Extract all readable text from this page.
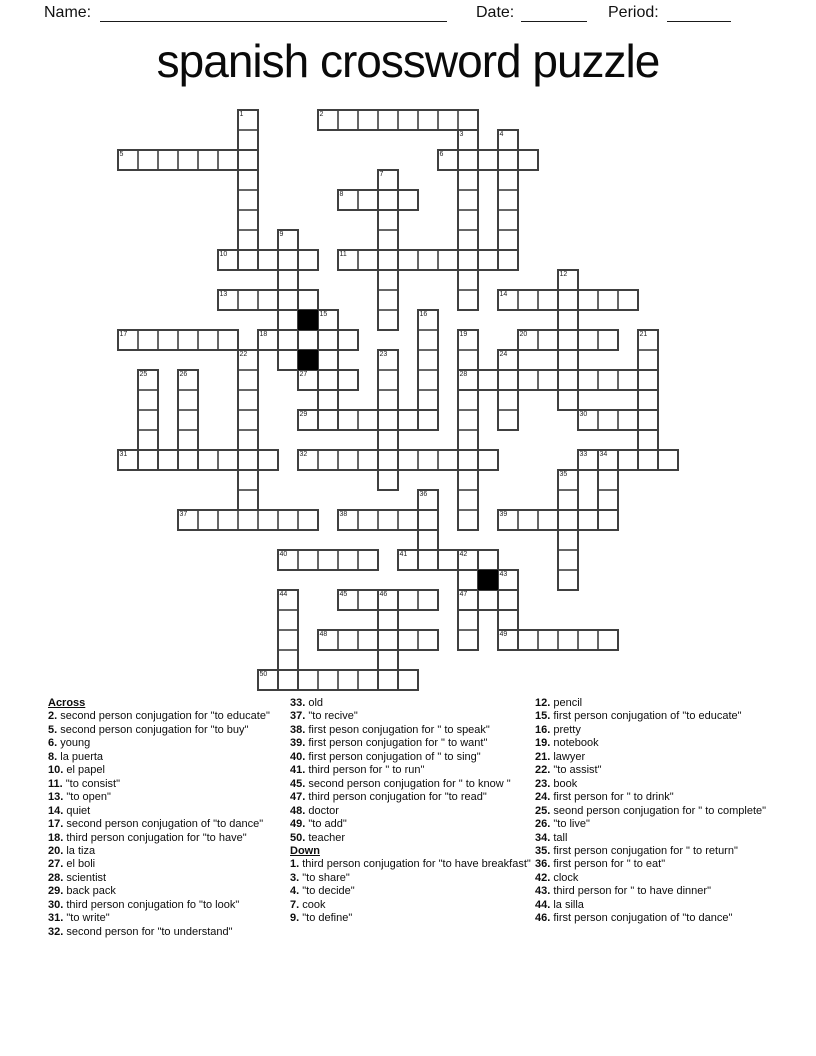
Name:	Date:	Period:
spanish crossword puzzle
2
5	6
8
10	11
13	14
17	18	20
27	28
29	30
31	32	33
37	38	39
40	41
45	47
48	49
50
1
3	4
7
9
12
15	16
19	21
22	23	24
25	26
34
35
36
42
43
44	46
Across
2. second person conjugation for "to educate"
5. second person conjugation for "to buy"
6. young
8. la puerta
10. el papel
11. "to consist"
13. "to open"
14. quiet
17. second person conjugation of "to dance"
18. third person conjugation for "to have"
20. la tiza
27. el boli
28. scientist
29. back pack
30. third person conjugation fo "to look"
31. "to write"
32. second person for "to understand"
33. old
37. "to recive"
38. first peson conjugation for " to speak"
39. first person conjugation for " to want"
40. first person conjugation of " to sing"
41. third person for " to run"
45. second person conjugation for " to know "
47. third person conjugation for "to read"
48. doctor
49. "to add"
50. teacher
Down
1. third person conjugation for "to have breakfast"
3. "to share"
4. "to decide"
7. cook
9. "to define"
12. pencil
15. first person conjugation of "to educate"
16. pretty
19. notebook
21. lawyer
22. "to assist"
23. book
24. first person for " to drink"
25. seond person conjugation for " to complete"
26. "to live"
34. tall
35. first person conjugation for " to return"
36. first person for " to eat"
42. clock
43. third person for " to have dinner"
44. la silla
46. first person conjugation of "to dance"
